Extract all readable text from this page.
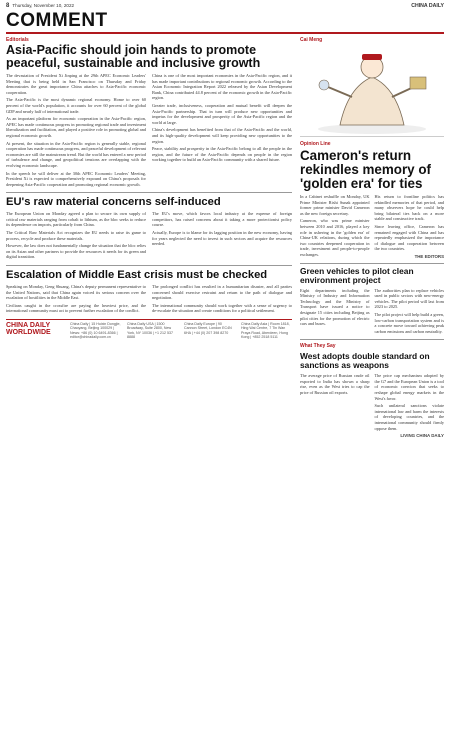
8 Thursday, November 10, 2022	CHINA DAILY
COMMENT
Editorials
Asia-Pacific should join hands to promote peaceful, sustainable and inclusive growth

The devastation of President Xi Jinping at the 29th APEC Economic Leaders' Meeting that is being held in San Francisco on Thursday and Friday demonstrates the great importance China attaches to Asia-Pacific economic cooperation.

The Asia-Pacific is the most dynamic regional economy. Home to over 60 percent of the world's population, it accounts for over 60 percent of the global GDP and nearly half of international trade.

As an important platform for economic cooperation in the Asia-Pacific region, APEC has made continuous progress in promoting regional trade and investment liberalization and facilitation, and played a positive role in promoting global and regional economic growth.

At present, the situation in the Asia-Pacific region is generally stable, regional cooperation has made continuous progress, and peaceful development of relevant economies are still the mainstream trend. But the world has entered a new period of turbulence and change, and geopolitical tensions are overlapping with the evolving economic landscape.

In the speech he will deliver at the 30th APEC Economic Leaders' Meeting, President Xi is expected to comprehensively expound on China's proposals for deepening Asia-Pacific cooperation and promoting regional economic growth.

China is one of the most important economies in the Asia-Pacific region, and it has made important contributions to regional economic growth. According to the Asian Economic Integration Report 2022 released by the Asian Development Bank, China contributed 44.8 percent of the economic growth in the Asia-Pacific region.

Greater trade, inclusiveness, cooperation and mutual benefit will deepen the Asia-Pacific partnership. That in turn will produce new opportunities and impetus for the development and prosperity of the Asia-Pacific region and the world at large.

China's development has benefited from that of the Asia-Pacific and the world, and its high-quality development will keep providing new opportunities to the region.

Peace, stability and prosperity in the Asia-Pacific belong to all the people in the region, and the future of the Asia-Pacific depends on people in the region working together to build an Asia-Pacific community with a shared future.

EU's raw material concerns self-induced

The European Union on Monday agreed a plan to secure its own supply of critical raw materials ranging from cobalt to lithium, as the bloc seeks to reduce its dependence on imports, particularly from China.

The Critical Raw Materials Act recognizes the EU needs to raise its game to process, recycle and produce these materials.

However, the law does not fundamentally change the situation that the bloc relies on its Asian and other partners to provide the resources it needs for its green and digital transition.

The EU's move, which favors local industry at the expense of foreign competitors, has raised concerns about it taking a more protectionist policy course.

Actually, Europe is to blame for its lagging position in the new economy, having for years neglected the need to invest in such sectors and acquire the resources needed.

Escalation of Middle East crisis must be checked

Speaking on Monday, Geng Shuang, China's deputy permanent representative to the United Nations, said that China again voiced its serious concern over the escalation of hostilities in the Middle East.

Civilians caught in the crossfire are paying the heaviest price, and the international community must act to prevent further escalation of the conflict.

The prolonged conflict has resulted in a humanitarian disaster, and all parties concerned should exercise restraint and return to the path of dialogue and negotiation.

The international community should work together with a sense of urgency to de-escalate the situation and create conditions for a political settlement.

CHINA DAILY WORLDWIDE
China Daily | 15 Huixin Dongjie, Chaoyang, Beijing 100029 | News: +86 (0) 10 6491-8366 | editor@chinadaily.com.cn
China Daily USA | 1500 Broadway, Suite 2800, New York, NY 10036 | +1 212 537 8888
China Daily Europe | 90 Cannon Street, London EC4N 6HA | +44 (0) 207 398 8270
China Daily Asia | Room 1818, Hing Wai Centre, 7 Tin Wan Praya Road, Aberdeen, Hong Kong | +852 2518 5111
Cai Meng
Opinion Line
Cameron's return rekindles memory of 'golden era' for ties

In a Cabinet reshuffle on Monday, UK Prime Minister Rishi Sunak appointed former prime minister David Cameron as the new foreign secretary.

Cameron, who was prime minister between 2010 and 2016, played a key role in ushering in the 'golden era' of China-UK relations, during which the two countries deepened cooperation in trade, investment and people-to-people exchanges.

His return to frontline politics has rekindled memories of that period, and many observers hope he could help bring bilateral ties back on a more stable and constructive track.

Since leaving office, Cameron has remained engaged with China and has repeatedly emphasized the importance of dialogue and cooperation between the two countries.

THE EDITORS
Green vehicles to pilot clean environment project

Eight departments including the Ministry of Industry and Information Technology and the Ministry of Transport have issued a notice to designate 15 cities including Beijing as pilot cities for the promotion of electric cars and buses.

The authorities plan to replace vehicles used in public sectors with new-energy vehicles. The pilot period will last from 2023 to 2025.

The pilot project will help build a green, low-carbon transportation system and is a concrete move toward achieving peak carbon emissions and carbon neutrality.

What They Say
West adopts double standard on sanctions as weapons

The average price of Russian crude oil exported to India has shown a sharp rise, even as the West tries to cap the price of Russian oil exports.

The price cap mechanism adopted by the G7 and the European Union is a tool of economic coercion that seeks to reshape global energy markets in the West's favor.

Such unilateral sanctions violate international law and harm the interests of developing countries, and the international community should firmly oppose them.

LIVING CHINA DAILY
